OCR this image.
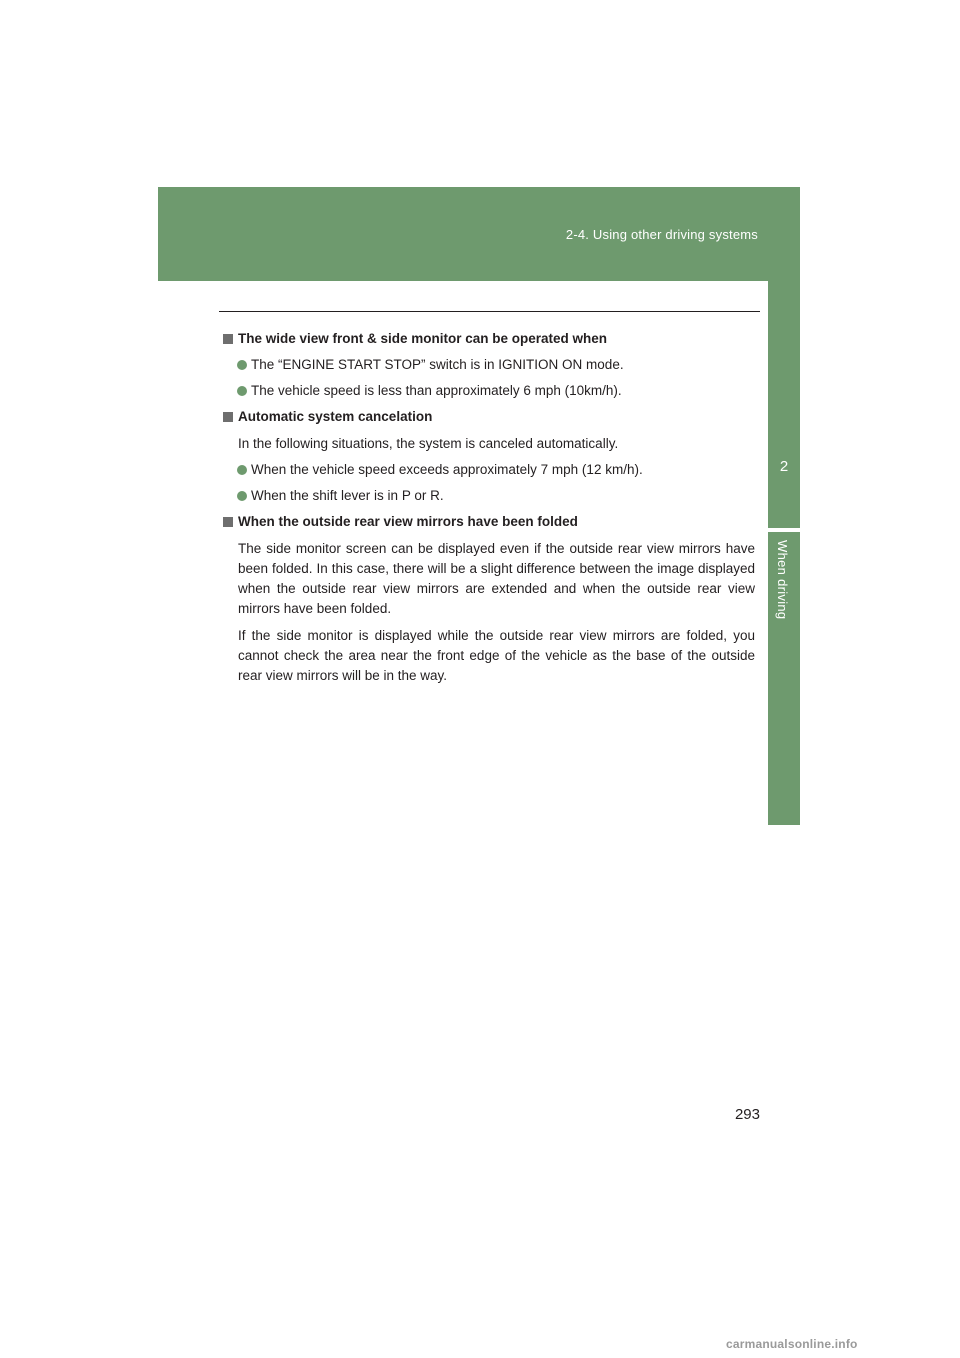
2-4. Using other driving systems
2
When driving
The wide view front & side monitor can be operated when
The “ENGINE START STOP” switch is in IGNITION ON mode.
The vehicle speed is less than approximately 6 mph (10km/h).
Automatic system cancelation

In the following situations, the system is canceled automatically.

When the vehicle speed exceeds approximately 7 mph (12 km/h).
When the shift lever is in P or R.
When the outside rear view mirrors have been folded

The side monitor screen can be displayed even if the outside rear view mirrors have been folded. In this case, there will be a slight difference between the image displayed when the outside rear view mirrors are extended and when the outside rear view mirrors have been folded.

If the side monitor is displayed while the outside rear view mirrors are folded, you cannot check the area near the front edge of the vehicle as the base of the outside rear view mirrors will be in the way.

293
carmanualsonline.info
